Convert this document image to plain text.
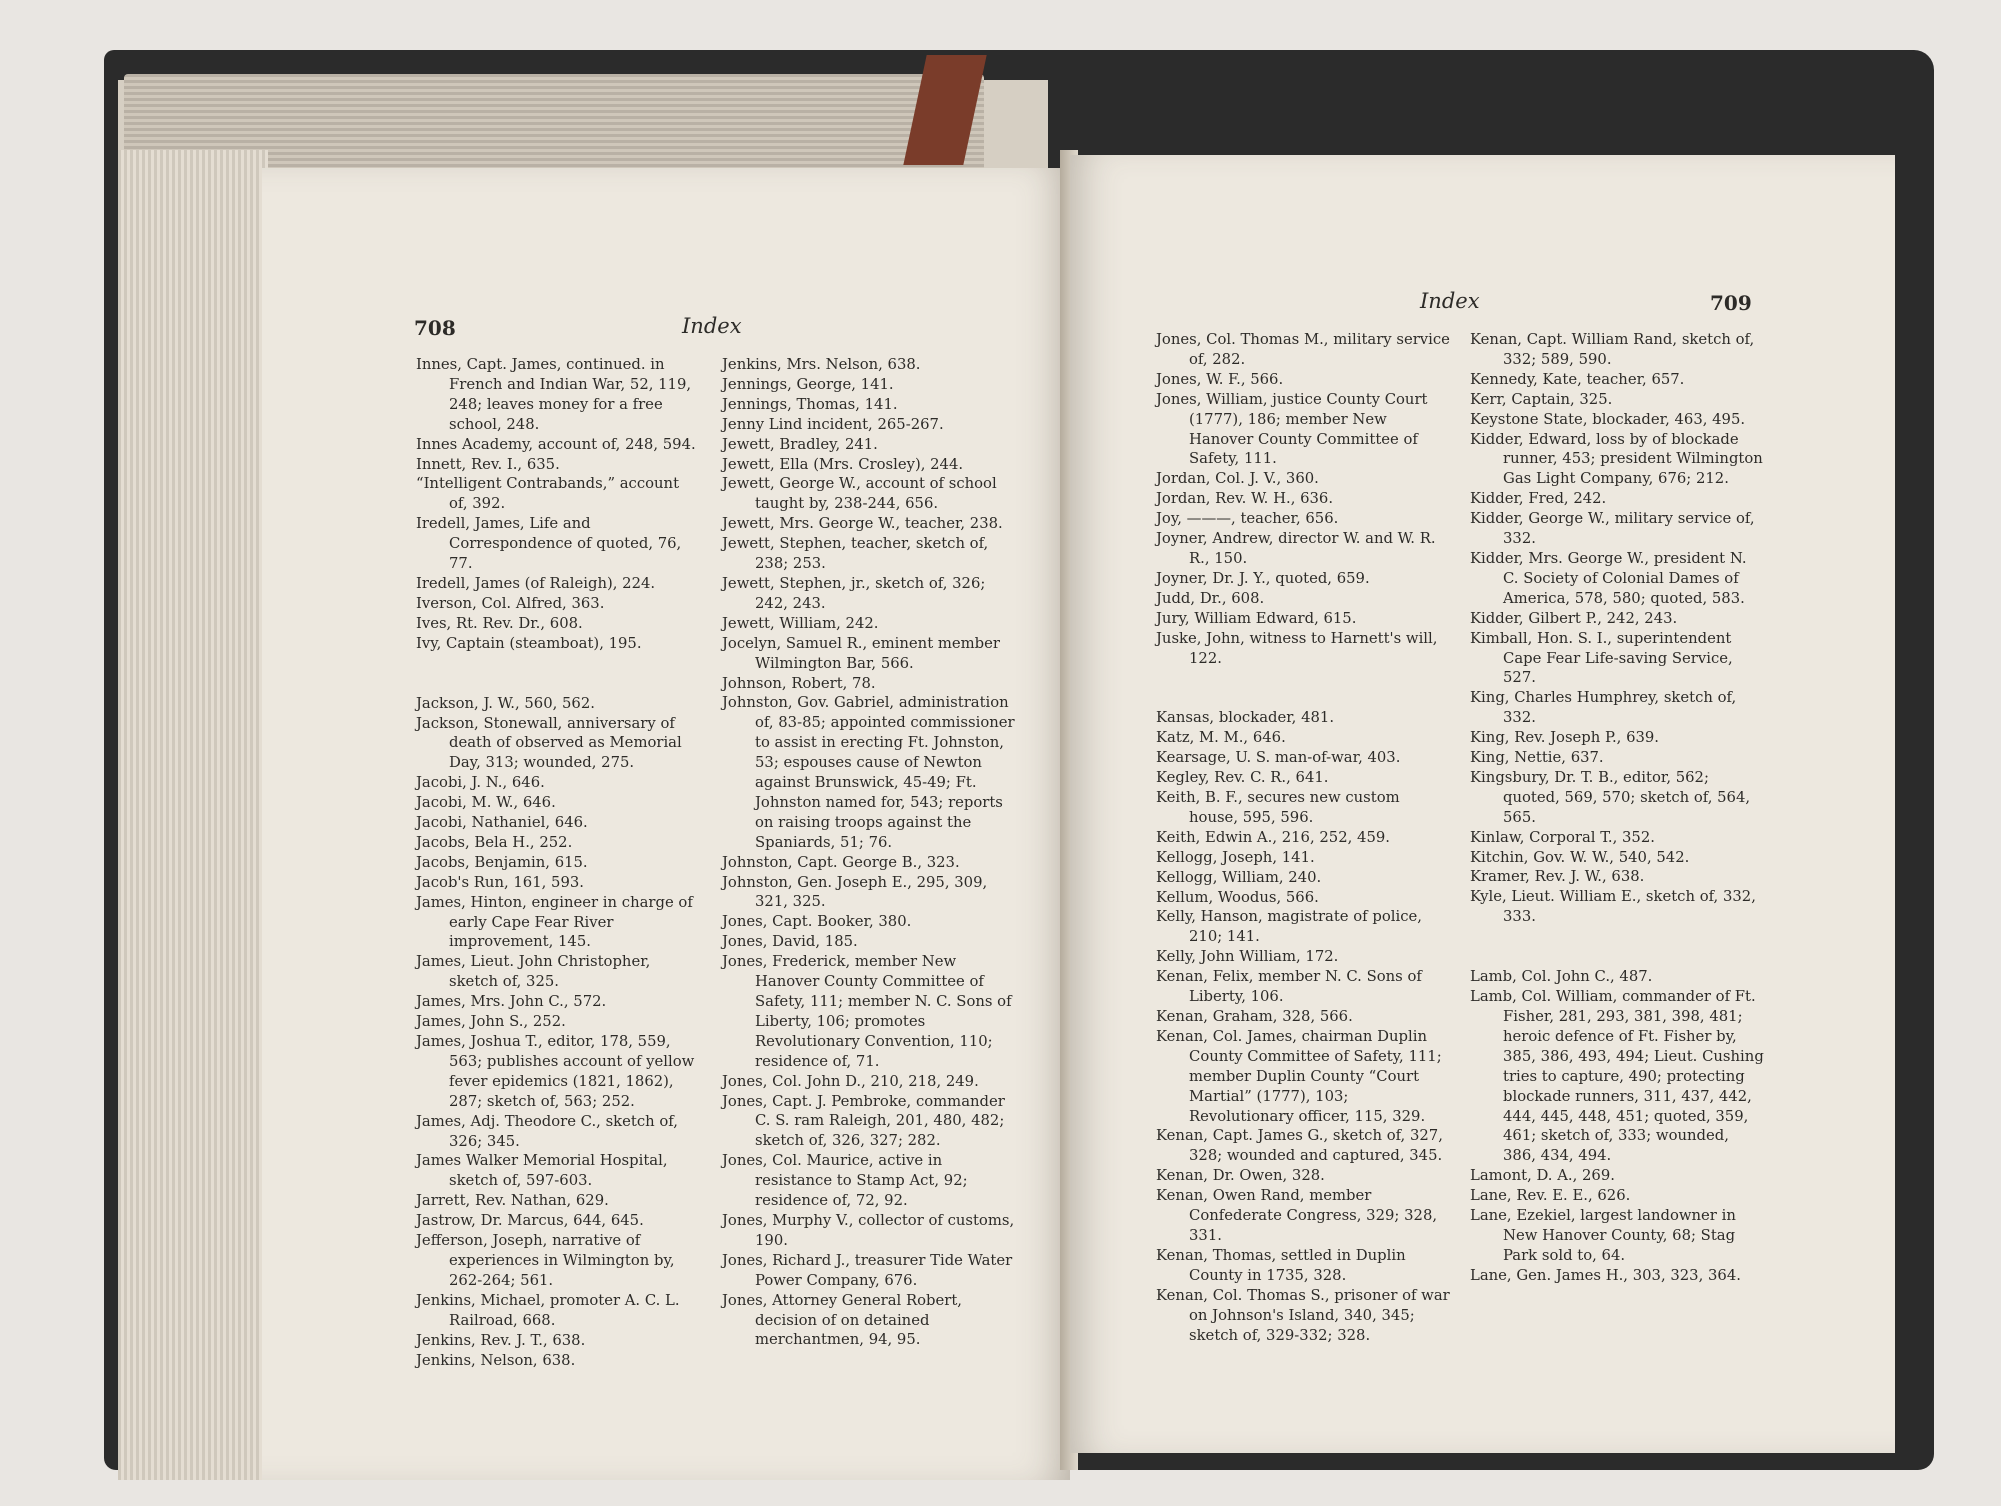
708	Index

Innes, Capt. James, continued. in French and Indian War, 52, 119, 248; leaves money for a free school, 248.

Innes Academy, account of, 248, 594.

Innett, Rev. I., 635.

“Intelligent Contrabands,” account of, 392.

Iredell, James, Life and Correspondence of quoted, 76, 77.

Iredell, James (of Raleigh), 224.

Iverson, Col. Alfred, 363.

Ives, Rt. Rev. Dr., 608.

Ivy, Captain (steamboat), 195.

Jackson, J. W., 560, 562.

Jackson, Stonewall, anniversary of death of observed as Memorial Day, 313; wounded, 275.

Jacobi, J. N., 646.

Jacobi, M. W., 646.

Jacobi, Nathaniel, 646.

Jacobs, Bela H., 252.

Jacobs, Benjamin, 615.

Jacob's Run, 161, 593.

James, Hinton, engineer in charge of early Cape Fear River improvement, 145.

James, Lieut. John Christopher, sketch of, 325.

James, Mrs. John C., 572.

James, John S., 252.

James, Joshua T., editor, 178, 559, 563; publishes account of yellow fever epidemics (1821, 1862), 287; sketch of, 563; 252.

James, Adj. Theodore C., sketch of, 326; 345.

James Walker Memorial Hospital, sketch of, 597-603.

Jarrett, Rev. Nathan, 629.

Jastrow, Dr. Marcus, 644, 645.

Jefferson, Joseph, narrative of experiences in Wilmington by, 262-264; 561.

Jenkins, Michael, promoter A. C. L. Railroad, 668.

Jenkins, Rev. J. T., 638.

Jenkins, Nelson, 638.

Jenkins, Mrs. Nelson, 638.

Jennings, George, 141.

Jennings, Thomas, 141.

Jenny Lind incident, 265-267.

Jewett, Bradley, 241.

Jewett, Ella (Mrs. Crosley), 244.

Jewett, George W., account of school taught by, 238-244, 656.

Jewett, Mrs. George W., teacher, 238.

Jewett, Stephen, teacher, sketch of, 238; 253.

Jewett, Stephen, jr., sketch of, 326; 242, 243.

Jewett, William, 242.

Jocelyn, Samuel R., eminent member Wilmington Bar, 566.

Johnson, Robert, 78.

Johnston, Gov. Gabriel, administration of, 83-85; appointed commissioner to assist in erecting Ft. Johnston, 53; espouses cause of Newton against Brunswick, 45-49; Ft. Johnston named for, 543; reports on raising troops against the Spaniards, 51; 76.

Johnston, Capt. George B., 323.

Johnston, Gen. Joseph E., 295, 309, 321, 325.

Jones, Capt. Booker, 380.

Jones, David, 185.

Jones, Frederick, member New Hanover County Committee of Safety, 111; member N. C. Sons of Liberty, 106; promotes Revolutionary Convention, 110; residence of, 71.

Jones, Col. John D., 210, 218, 249.

Jones, Capt. J. Pembroke, commander C. S. ram Raleigh, 201, 480, 482; sketch of, 326, 327; 282.

Jones, Col. Maurice, active in resistance to Stamp Act, 92; residence of, 72, 92.

Jones, Murphy V., collector of customs, 190.

Jones, Richard J., treasurer Tide Water Power Company, 676.

Jones, Attorney General Robert, decision of on detained merchantmen, 94, 95.

Index	709

Jones, Col. Thomas M., military service of, 282.

Jones, W. F., 566.

Jones, William, justice County Court (1777), 186; member New Hanover County Committee of Safety, 111.

Jordan, Col. J. V., 360.

Jordan, Rev. W. H., 636.

Joy, ———, teacher, 656.

Joyner, Andrew, director W. and W. R. R., 150.

Joyner, Dr. J. Y., quoted, 659.

Judd, Dr., 608.

Jury, William Edward, 615.

Juske, John, witness to Harnett's will, 122.

Kansas, blockader, 481.

Katz, M. M., 646.

Kearsage, U. S. man-of-war, 403.

Kegley, Rev. C. R., 641.

Keith, B. F., secures new custom house, 595, 596.

Keith, Edwin A., 216, 252, 459.

Kellogg, Joseph, 141.

Kellogg, William, 240.

Kellum, Woodus, 566.

Kelly, Hanson, magistrate of police, 210; 141.

Kelly, John William, 172.

Kenan, Felix, member N. C. Sons of Liberty, 106.

Kenan, Graham, 328, 566.

Kenan, Col. James, chairman Duplin County Committee of Safety, 111; member Duplin County “Court Martial” (1777), 103; Revolutionary officer, 115, 329.

Kenan, Capt. James G., sketch of, 327, 328; wounded and captured, 345.

Kenan, Dr. Owen, 328.

Kenan, Owen Rand, member Confederate Congress, 329; 328, 331.

Kenan, Thomas, settled in Duplin County in 1735, 328.

Kenan, Col. Thomas S., prisoner of war on Johnson's Island, 340, 345; sketch of, 329-332; 328.

Kenan, Capt. William Rand, sketch of, 332; 589, 590.

Kennedy, Kate, teacher, 657.

Kerr, Captain, 325.

Keystone State, blockader, 463, 495.

Kidder, Edward, loss by of blockade runner, 453; president Wilmington Gas Light Company, 676; 212.

Kidder, Fred, 242.

Kidder, George W., military service of, 332.

Kidder, Mrs. George W., president N. C. Society of Colonial Dames of America, 578, 580; quoted, 583.

Kidder, Gilbert P., 242, 243.

Kimball, Hon. S. I., superintendent Cape Fear Life-saving Service, 527.

King, Charles Humphrey, sketch of, 332.

King, Rev. Joseph P., 639.

King, Nettie, 637.

Kingsbury, Dr. T. B., editor, 562; quoted, 569, 570; sketch of, 564, 565.

Kinlaw, Corporal T., 352.

Kitchin, Gov. W. W., 540, 542.

Kramer, Rev. J. W., 638.

Kyle, Lieut. William E., sketch of, 332, 333.

Lamb, Col. John C., 487.

Lamb, Col. William, commander of Ft. Fisher, 281, 293, 381, 398, 481; heroic defence of Ft. Fisher by, 385, 386, 493, 494; Lieut. Cushing tries to capture, 490; protecting blockade runners, 311, 437, 442, 444, 445, 448, 451; quoted, 359, 461; sketch of, 333; wounded, 386, 434, 494.

Lamont, D. A., 269.

Lane, Rev. E. E., 626.

Lane, Ezekiel, largest landowner in New Hanover County, 68; Stag Park sold to, 64.

Lane, Gen. James H., 303, 323, 364.
